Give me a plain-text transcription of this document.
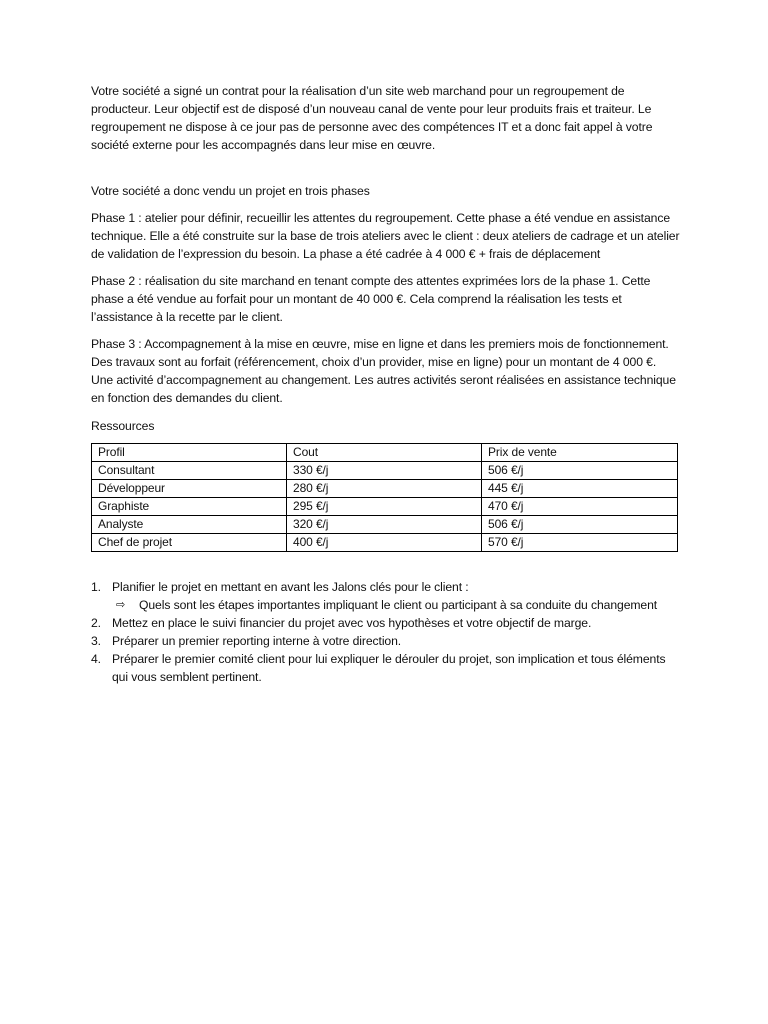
Votre société a signé un contrat pour la réalisation d’un site web marchand pour un regroupement de producteur. Leur objectif est de disposé d’un nouveau canal de vente pour leur produits frais et traiteur. Le regroupement ne dispose à ce jour pas de personne avec des compétences IT et a donc fait appel à votre société externe pour les accompagnés dans leur mise en œuvre.

Votre société a donc vendu un projet en trois phases

Phase 1 : atelier pour définir, recueillir les attentes du regroupement. Cette phase a été vendue en assistance technique. Elle a été construite sur la base de trois ateliers avec le client : deux ateliers de cadrage et un atelier de validation de l’expression du besoin. La phase a été cadrée à 4 000 € + frais de déplacement

Phase 2 : réalisation du site marchand en tenant compte des attentes exprimées lors de la phase 1. Cette phase a été vendue au forfait pour un montant de 40 000 €. Cela comprend la réalisation les tests et l’assistance à la recette par le client.

Phase 3 : Accompagnement à la mise en œuvre, mise en ligne et dans les premiers mois de fonctionnement. Des travaux sont au forfait (référencement, choix d’un provider, mise en ligne) pour un montant de 4 000 €. Une activité d’accompagnement au changement. Les autres activités seront réalisées en assistance technique en fonction des demandes du client.

Ressources

Profil	Cout	Prix de vente
Consultant	330 €/j	506 €/j
Développeur	280 €/j	445 €/j
Graphiste	295 €/j	470 €/j
Analyste	320 €/j	506 €/j
Chef de projet	400 €/j	570 €/j
1. Planifier le projet en mettant en avant les Jalons clés pour le client :
⇨ Quels sont les étapes importantes impliquant le client ou participant à sa conduite du changement
2. Mettez en place le suivi financier du projet avec vos hypothèses et votre objectif de marge.
3. Préparer un premier reporting interne à votre direction.
4. Préparer le premier comité client pour lui expliquer le dérouler du projet, son implication et tous éléments qui vous semblent pertinent.
